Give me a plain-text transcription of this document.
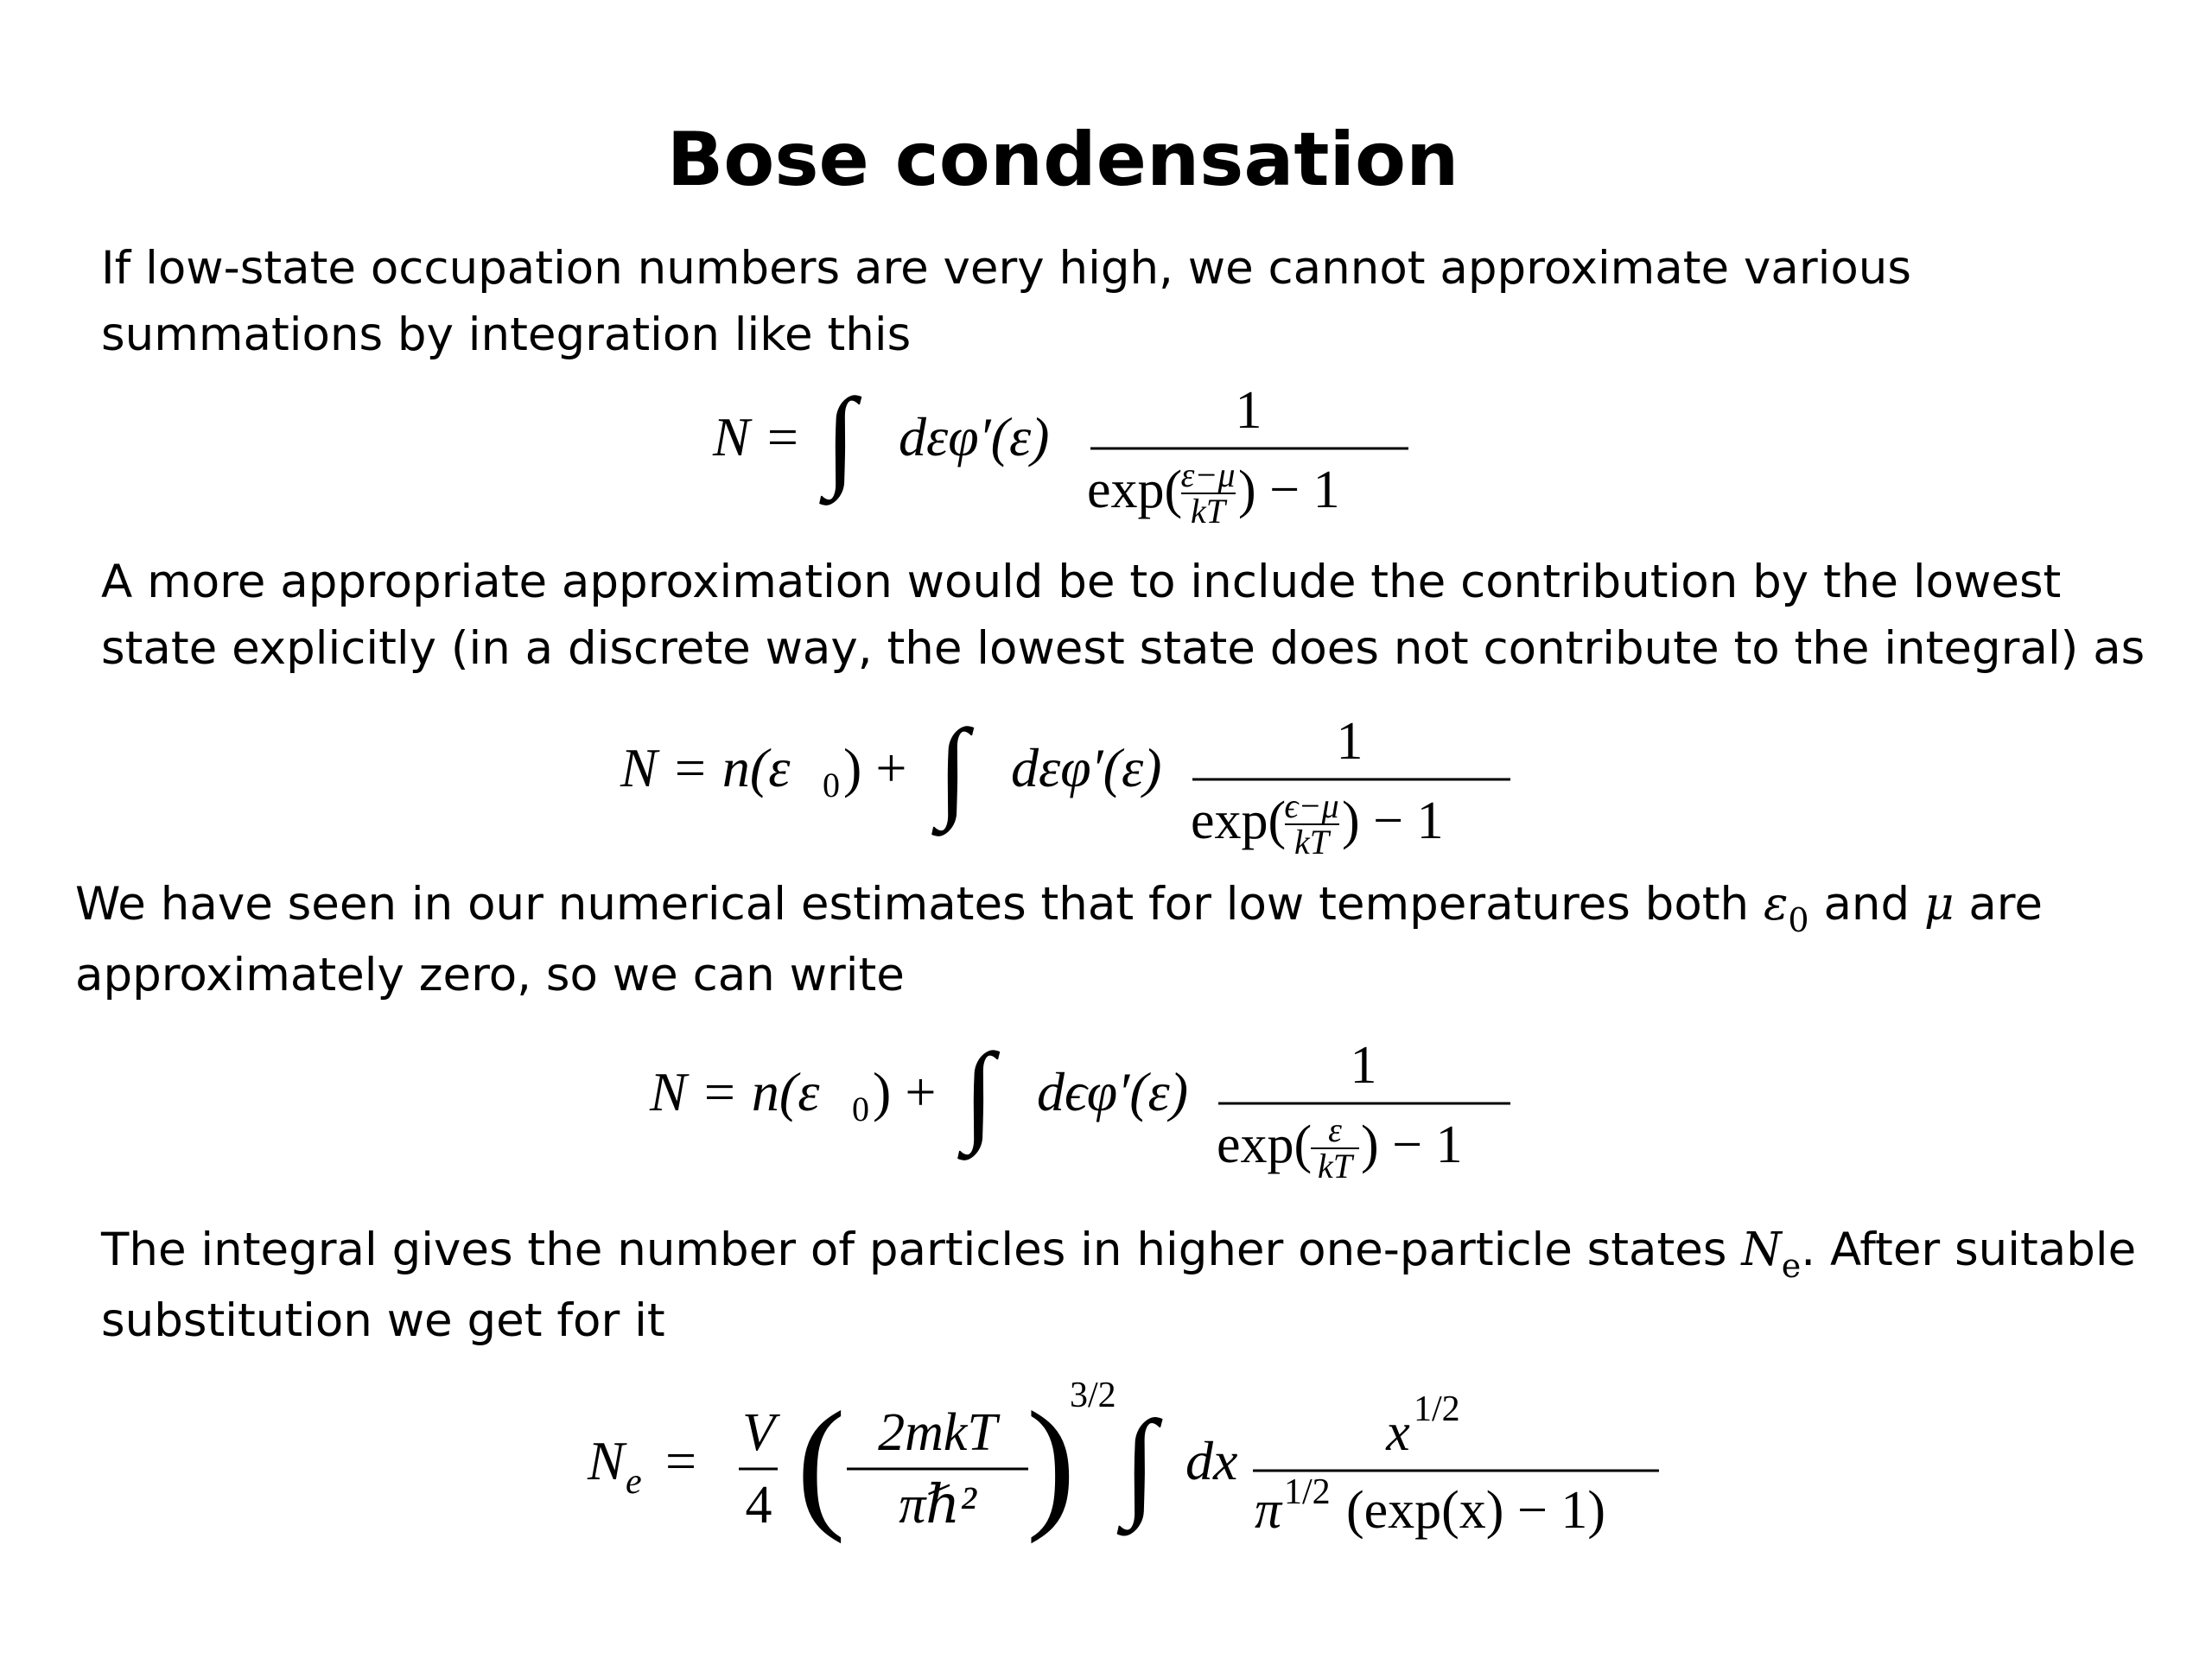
Bose condensation
If low-state occupation numbers are very high, we cannot approximate various
summations by integration like this
N = ∫ dεφ′(ε)	1
exp(
ε−μ
kT ) − 1
A more appropriate approximation would be to include the contribution by the lowest
state explicitly (in a discrete way, the lowest state does not contribute to the integral) as
N = n(ε 0 ) + ∫ dεφ′(ε)	1
exp(
ϵ−μ
kT ) − 1
We have seen in our numerical estimates that for low temperatures both $\varepsilon_0$ and μ are
approximately zero, so we can write
N = n(ε 0 ) + ∫ dϵφ′(ε)	1
exp( ε
kT ) − 1
The integral gives the number of particles in higher one-particle states $N_e$. After suitable
substitution we get for it
N e = V
4 ( 2mkT
πℏ² )
3/2
∫ dx	x 1/2
π 1/2 (exp(x) − 1)
